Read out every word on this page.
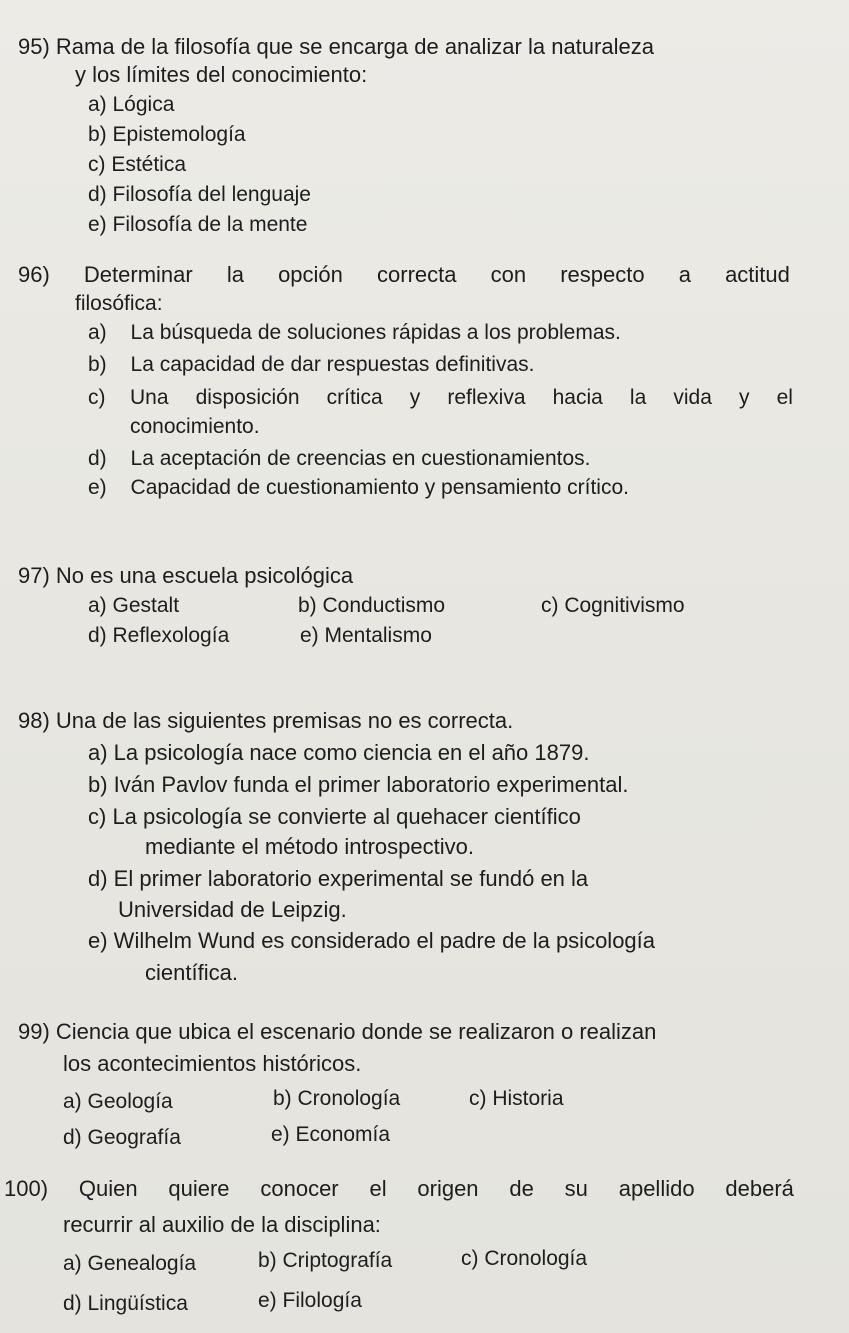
95) Rama de la filosofía que se encarga de analizar la naturaleza
y los límites del conocimiento:
a) Lógica
b) Epistemología
c) Estética
d) Filosofía del lenguaje
e) Filosofía de la mente
96) Determinar la opción correcta con respecto a actitud
filosófica:
a) La búsqueda de soluciones rápidas a los problemas.
b) La capacidad de dar respuestas definitivas.
c) Una disposición crítica y reflexiva hacia la vida y el
conocimiento.
d) La aceptación de creencias en cuestionamientos.
e) Capacidad de cuestionamiento y pensamiento crítico.
97) No es una escuela psicológica
a) Gestalt	b) Conductismo	c) Cognitivismo
d) Reflexología	e) Mentalismo
98) Una de las siguientes premisas no es correcta.
a) La psicología nace como ciencia en el año 1879.
b) Iván Pavlov funda el primer laboratorio experimental.
c) La psicología se convierte al quehacer científico
mediante el método introspectivo.
d) El primer laboratorio experimental se fundó en la
Universidad de Leipzig.
e) Wilhelm Wund es considerado el padre de la psicología
científica.
99) Ciencia que ubica el escenario donde se realizaron o realizan
los acontecimientos históricos.
a) Geología	b) Cronología	c) Historia
d) Geografía	e) Economía
100) Quien quiere conocer el origen de su apellido deberá
recurrir al auxilio de la disciplina:
a) Genealogía	b) Criptografía	c) Cronología
d) Lingüística	e) Filología
